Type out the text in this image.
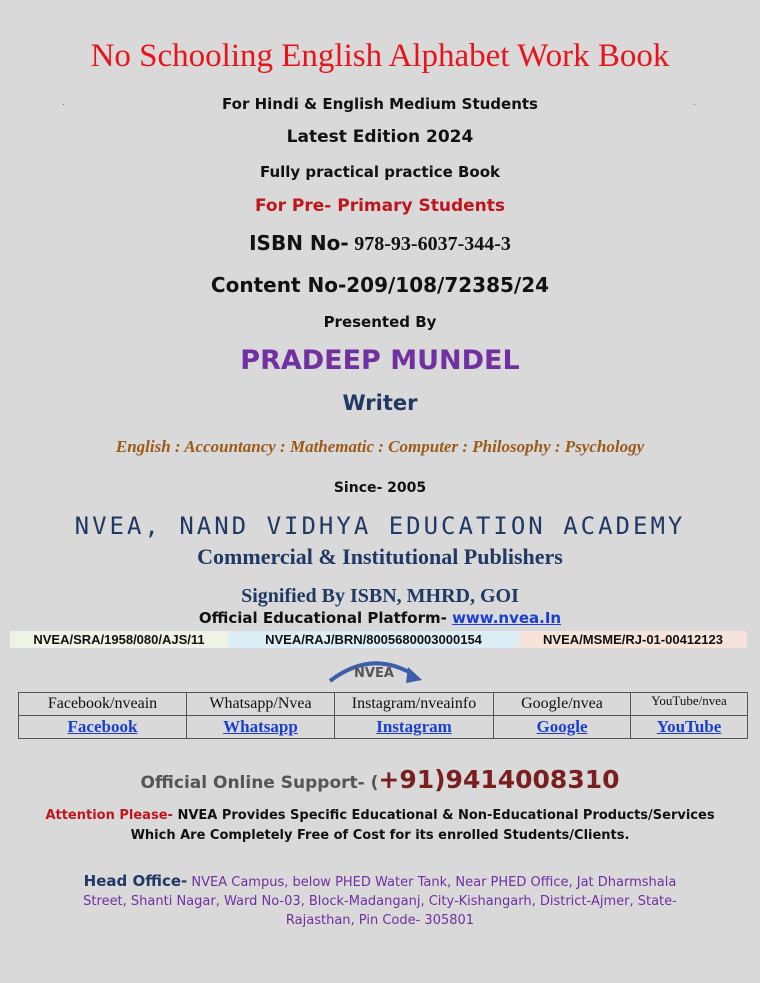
No Schooling English Alphabet Work Book
For Hindi & English Medium Students
Latest Edition 2024
Fully practical practice Book
For Pre- Primary Students
ISBN No- 978-93-6037-344-3
Content No-209/108/72385/24
Presented By
PRADEEP MUNDEL
Writer
English : Accountancy : Mathematic : Computer : Philosophy : Psychology
Since- 2005
NVEA, NAND VIDHYA EDUCATION ACADEMY
Commercial & Institutional Publishers
Signified By ISBN, MHRD, GOI
Official Educational Platform- www.nvea.In
NVEA/SRA/1958/080/AJS/11	NVEA/RAJ/BRN/8005680003000154	NVEA/MSME/RJ-01-00412123
NVEA
Facebook/nveain	Whatsapp/Nvea	Instagram/nveainfo	Google/nvea	YouTube/nvea
Facebook	Whatsapp	Instagram	Google	YouTube
Official Online Support- (+91)9414008310
Attention Please- NVEA Provides Specific Educational & Non-Educational Products/Services
Which Are Completely Free of Cost for its enrolled Students/Clients.
Head Office- NVEA Campus, below PHED Water Tank, Near PHED Office, Jat Dharmshala
Street, Shanti Nagar, Ward No-03, Block-Madanganj, City-Kishangarh, District-Ajmer, State-
Rajasthan, Pin Code- 305801
